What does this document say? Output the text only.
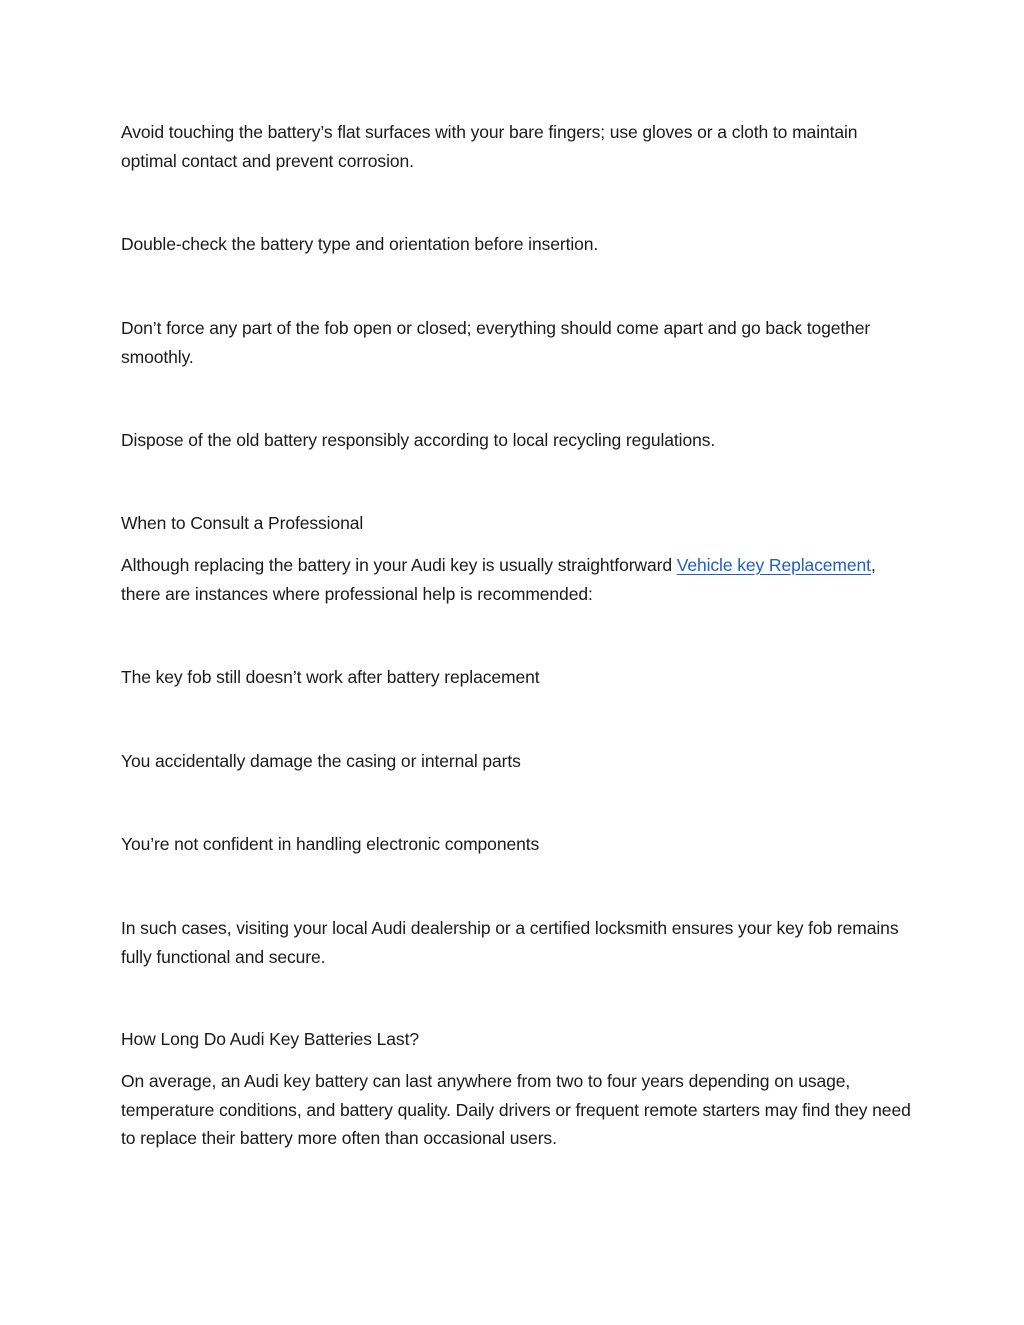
Avoid touching the battery’s flat surfaces with your bare fingers; use gloves or a cloth to maintain optimal contact and prevent corrosion.

Double-check the battery type and orientation before insertion.

Don’t force any part of the fob open or closed; everything should come apart and go back together smoothly.

Dispose of the old battery responsibly according to local recycling regulations.

When to Consult a Professional

Although replacing the battery in your Audi key is usually straightforward Vehicle key Replacement, there are instances where professional help is recommended:

The key fob still doesn’t work after battery replacement

You accidentally damage the casing or internal parts

You’re not confident in handling electronic components

In such cases, visiting your local Audi dealership or a certified locksmith ensures your key fob remains fully functional and secure.

How Long Do Audi Key Batteries Last?

On average, an Audi key battery can last anywhere from two to four years depending on usage, temperature conditions, and battery quality. Daily drivers or frequent remote starters may find they need to replace their battery more often than occasional users.
